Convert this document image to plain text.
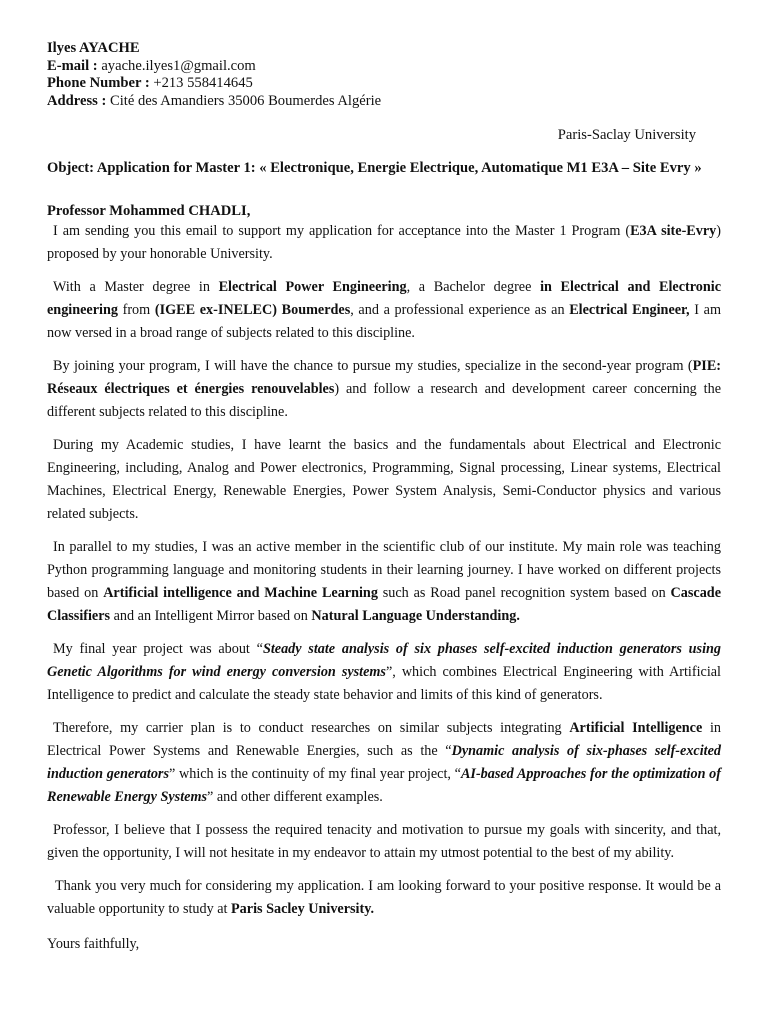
Ilyes AYACHE
E-mail : ayache.ilyes1@gmail.com
Phone Number : +213 558414645
Address : Cité des Amandiers 35006 Boumerdes Algérie
Paris-Saclay University
Object: Application for Master 1: « Electronique, Energie Electrique, Automatique M1 E3A – Site Evry »
Professor Mohammed CHADLI,

I am sending you this email to support my application for acceptance into the Master 1 Program (E3A site-Evry) proposed by your honorable University.

With a Master degree in Electrical Power Engineering, a Bachelor degree in Electrical and Electronic engineering from (IGEE ex-INELEC) Boumerdes, and a professional experience as an Electrical Engineer, I am now versed in a broad range of subjects related to this discipline.

By joining your program, I will have the chance to pursue my studies, specialize in the second-year program (PIE: Réseaux électriques et énergies renouvelables) and follow a research and development career concerning the different subjects related to this discipline.

During my Academic studies, I have learnt the basics and the fundamentals about Electrical and Electronic Engineering, including, Analog and Power electronics, Programming, Signal processing, Linear systems, Electrical Machines, Electrical Energy, Renewable Energies, Power System Analysis, Semi-Conductor physics and various related subjects.

In parallel to my studies, I was an active member in the scientific club of our institute. My main role was teaching Python programming language and monitoring students in their learning journey. I have worked on different projects based on Artificial intelligence and Machine Learning such as Road panel recognition system based on Cascade Classifiers and an Intelligent Mirror based on Natural Language Understanding.

My final year project was about “Steady state analysis of six phases self-excited induction generators using Genetic Algorithms for wind energy conversion systems”, which combines Electrical Engineering with Artificial Intelligence to predict and calculate the steady state behavior and limits of this kind of generators.

Therefore, my carrier plan is to conduct researches on similar subjects integrating Artificial Intelligence in Electrical Power Systems and Renewable Energies, such as the “Dynamic analysis of six-phases self-excited induction generators” which is the continuity of my final year project, “AI-based Approaches for the optimization of Renewable Energy Systems” and other different examples.

Professor, I believe that I possess the required tenacity and motivation to pursue my goals with sincerity, and that, given the opportunity, I will not hesitate in my endeavor to attain my utmost potential to the best of my ability.

Thank you very much for considering my application. I am looking forward to your positive response. It would be a valuable opportunity to study at Paris Sacley University.

Yours faithfully,
